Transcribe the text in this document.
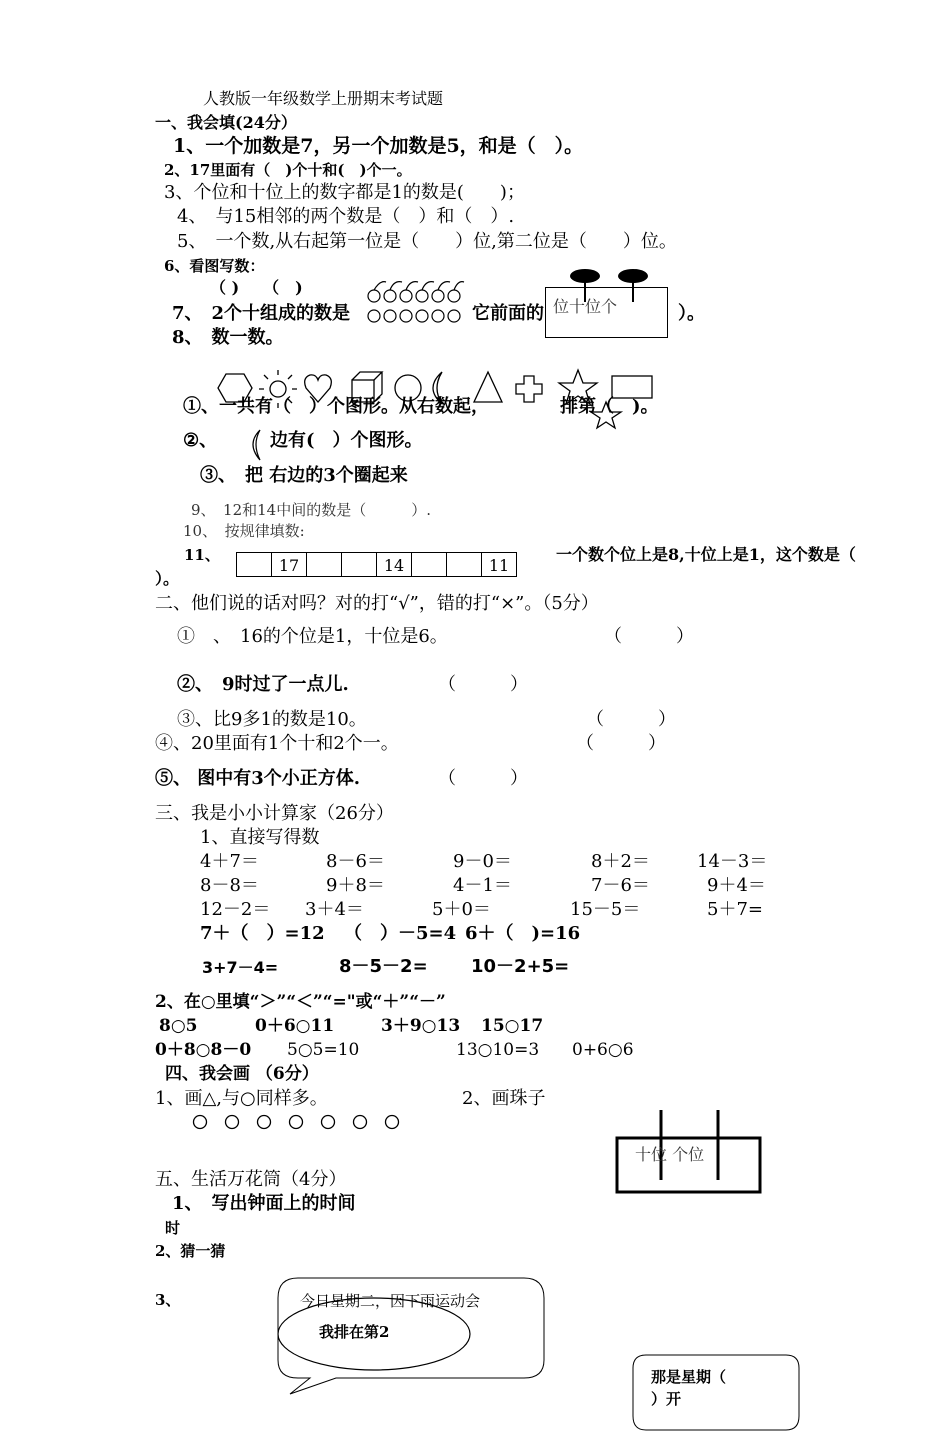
人教版一年级数学上册期末考试题
一、我会填(24分）
1、一个加数是7，另一个加数是5，和是（　）。
2、17里面有（　)个十和(　)个一。
3、个位和十位上的数字都是1的数是(　　)；
4、　与15相邻的两个数是（　）和（　）.
5、　一个数,从右起第一位是（　　）位,第二位是（　　）位。
6、看图写数：
（ )　　（　)
7、　2个十组成的数是	它前面的	）。
位十位个
8、　数一数。
①、一共有（　）个图形。从右数起，	排第（　)。
②、	边有(　）个图形。
③、　把 右边的3个圈起来
9、　12和14中间的数是（　　　）.
10、　按规律填数:
11、
17	14	11
一个数个位上是8,十位上是1，这个数是（
）。
二、他们说的话对吗？对的打“√”，错的打“×”。（5分）
①　、　16的个位是1，十位是6。	（　　　）
②、　9时过了一点儿.	（　　　）
③、比9多1的数是10。	（　　　）
④、20里面有1个十和2个一。	（　　　）
⑤、 图中有3个小正方体.	（　　　）
三、我是小小计算家（26分）
1、直接写得数
4＋7＝	8－6＝	9－0＝	8＋2＝	14－3＝
8－8＝	9＋8＝	4－1＝	7－6＝	9＋4＝
12－2＝ 3＋4＝	5＋0＝	15－5＝	5＋7=
7＋（　）=12 （　）－5=4 6＋（　)=16
3+7－4=	8－5－2= 10－2+5=
2、在○里填“＞”“＜”“="或“＋”“－”
8○5	0＋6○11	3＋9○13 15○17
0＋8○8－0 5○5=10	13○10=3 0+6○6
四、我会画 （6分）
1、画△,与○同样多。	2、画珠子
十位 个位
五、生活万花筒（4分）
1、　写出钟面上的时间
时
2、猜一猜
3、	今日星期二，因下雨运动会
我排在第2
那是星期（
）开
